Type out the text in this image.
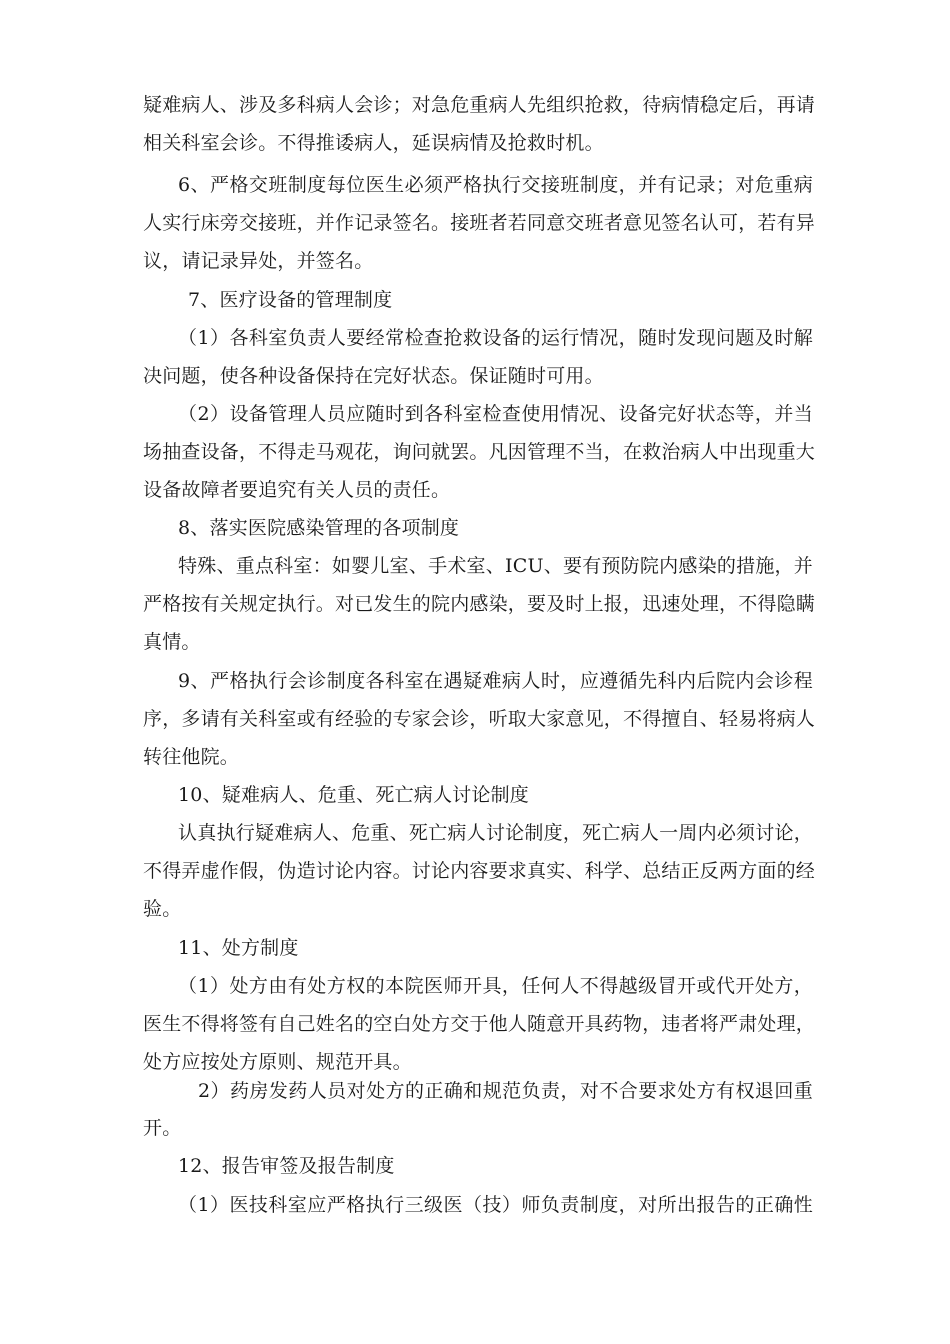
疑难病人、涉及多科病人会诊；对急危重病人先组织抢救，待病情稳定后，再请
相关科室会诊。不得推诿病人，延误病情及抢救时机。
6、严格交班制度每位医生必须严格执行交接班制度，并有记录；对危重病
人实行床旁交接班，并作记录签名。接班者若同意交班者意见签名认可，若有异
议，请记录异处，并签名。
7、医疗设备的管理制度
（1）各科室负责人要经常检查抢救设备的运行情况，随时发现问题及时解
决问题，使各种设备保持在完好状态。保证随时可用。
（2）设备管理人员应随时到各科室检查使用情况、设备完好状态等，并当
场抽查设备，不得走马观花，询问就罢。凡因管理不当，在救治病人中出现重大
设备故障者要追究有关人员的责任。
8、落实医院感染管理的各项制度
特殊、重点科室：如婴儿室、手术室、ICU、要有预防院内感染的措施，并
严格按有关规定执行。对已发生的院内感染，要及时上报，迅速处理，不得隐瞒
真情。
9、严格执行会诊制度各科室在遇疑难病人时，应遵循先科内后院内会诊程
序，多请有关科室或有经验的专家会诊，听取大家意见，不得擅自、轻易将病人
转往他院。
10、疑难病人、危重、死亡病人讨论制度
认真执行疑难病人、危重、死亡病人讨论制度，死亡病人一周内必须讨论，
不得弄虚作假，伪造讨论内容。讨论内容要求真实、科学、总结正反两方面的经
验。
11、处方制度
（1）处方由有处方权的本院医师开具，任何人不得越级冒开或代开处方，
医生不得将签有自己姓名的空白处方交于他人随意开具药物，违者将严肃处理，
处方应按处方原则、规范开具。
2）药房发药人员对处方的正确和规范负责，对不合要求处方有权退回重
开。
12、报告审签及报告制度
（1）医技科室应严格执行三级医（技）师负责制度，对所出报告的正确性
